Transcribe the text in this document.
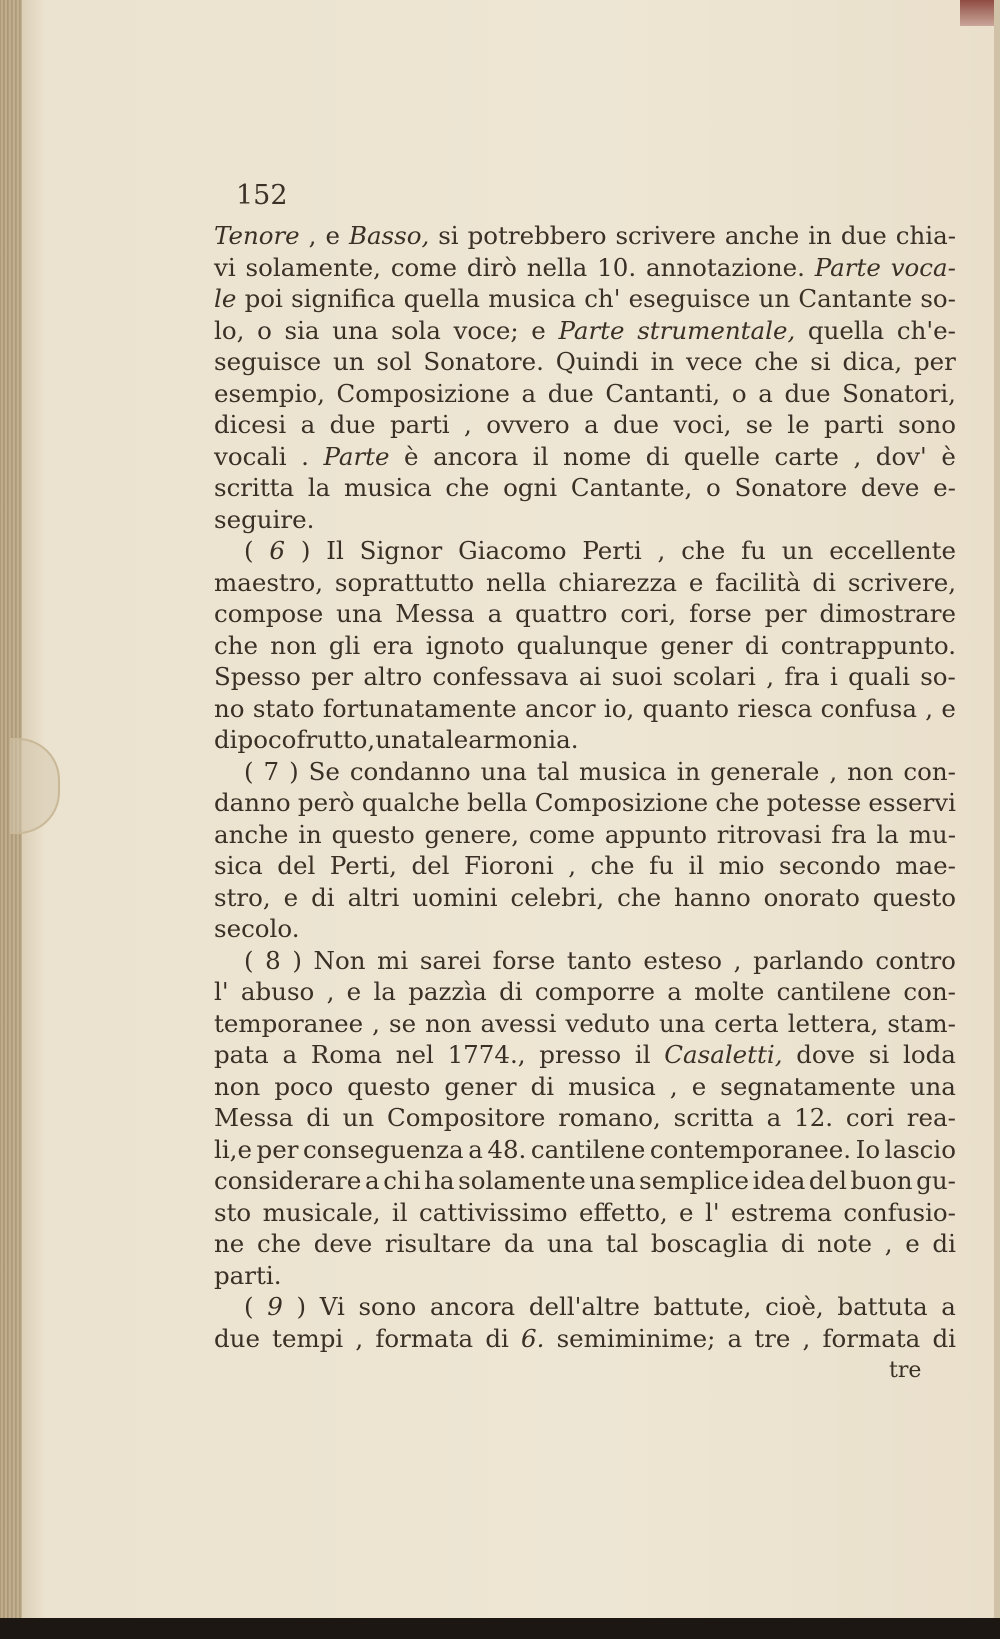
152
Tenore , e Basso, si potrebbero scrivere anche in due chia-
vi solamente, come dirò nella 10. annotazione. Parte voca-
le poi significa quella musica ch' eseguisce un Cantante so-
lo, o sia una sola voce; e Parte strumentale, quella ch'e-
seguisce un sol Sonatore. Quindi in vece che si dica, per
esempio, Composizione a due Cantanti, o a due Sonatori,
dicesi a due parti , ovvero a due voci, se le parti sono
vocali . Parte è ancora il nome di quelle carte , dov' è
scritta la musica che ogni Cantante, o Sonatore deve e-
seguire.
( 6 ) Il Signor Giacomo Perti , che fu un eccellente
maestro, soprattutto nella chiarezza e facilità di scrivere,
compose una Messa a quattro cori, forse per dimostrare
che non gli era ignoto qualunque gener di contrappunto.
Spesso per altro confessava ai suoi scolari , fra i quali so-
no stato fortunatamente ancor io, quanto riesca confusa , e
di poco frutto, una tale armonia.
( 7 ) Se condanno una tal musica in generale , non con-
danno però qualche bella Composizione che potesse esservi
anche in questo genere, come appunto ritrovasi fra la mu-
sica del Perti, del Fioroni , che fu il mio secondo mae-
stro, e di altri uomini celebri, che hanno onorato questo
secolo.
( 8 ) Non mi sarei forse tanto esteso , parlando contro
l' abuso , e la pazzìa di comporre a molte cantilene con-
temporanee , se non avessi veduto una certa lettera, stam-
pata a Roma nel 1774., presso il Casaletti, dove si loda
non poco questo gener di musica , e segnatamente una
Messa di un Compositore romano, scritta a 12. cori rea-
li,e per conseguenza a 48. cantilene contemporanee. Io lascio
considerare a chi ha solamente una semplice idea del buon gu-
sto musicale, il cattivissimo effetto, e l' estrema confusio-
ne che deve risultare da una tal boscaglia di note , e di
parti .
( 9 ) Vi sono ancora dell'altre battute, cioè, battuta a
due tempi , formata di 6. semiminime; a tre , formata di
tre
